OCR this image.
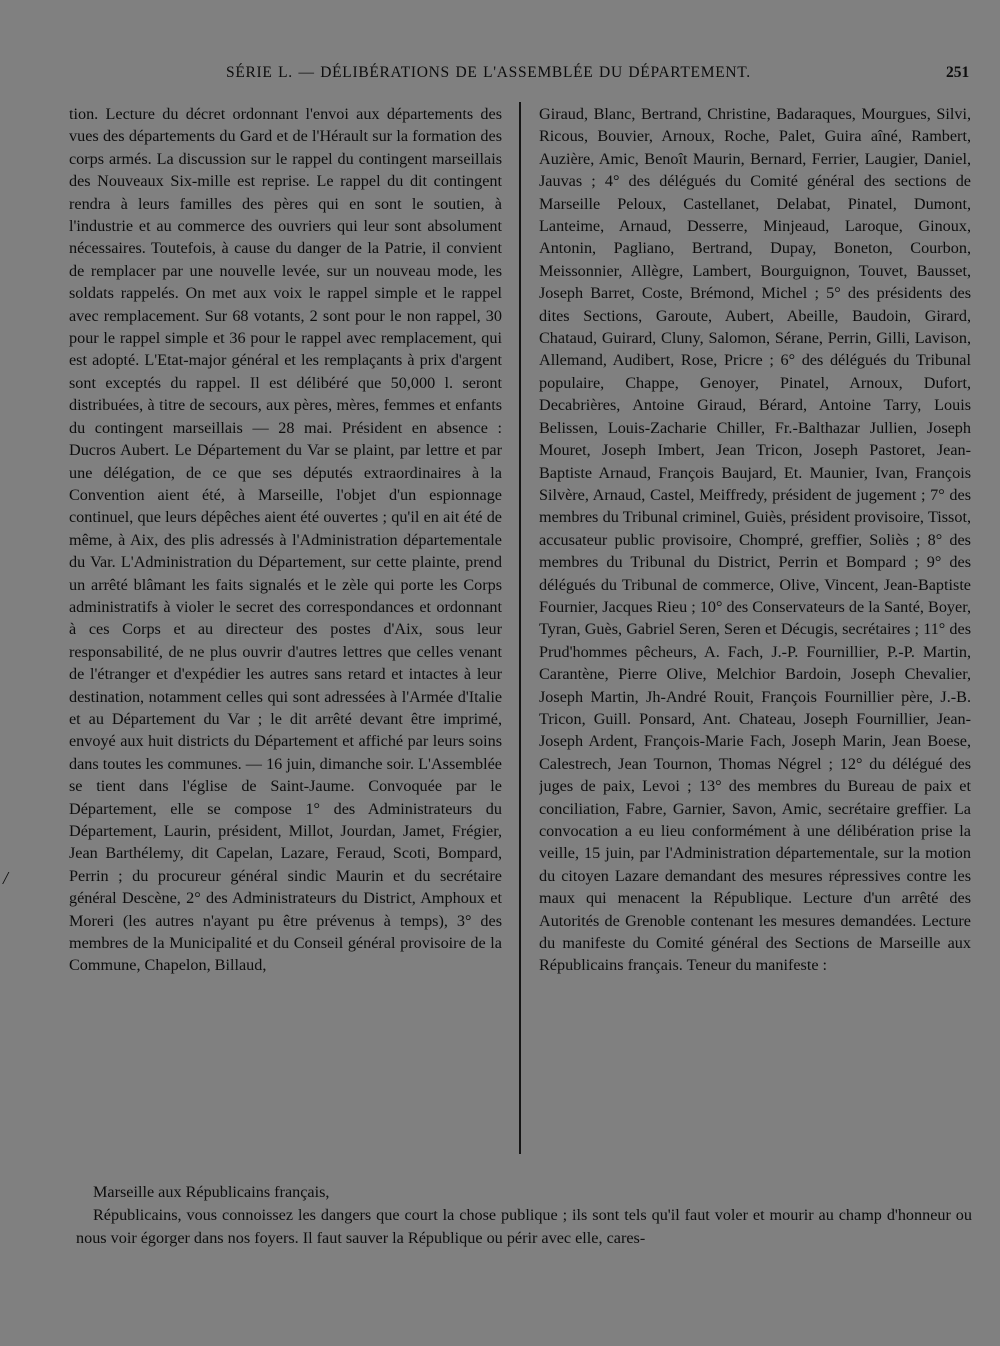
SÉRIE L. — DÉLIBÉRATIONS DE L'ASSEMBLÉE DU DÉPARTEMENT.	251
tion. Lecture du décret ordonnant l'envoi aux départements des vues des départements du Gard et de l'Hérault sur la formation des corps armés. La discussion sur le rappel du contingent marseillais des Nouveaux Six-mille est reprise. Le rappel du dit contingent rendra à leurs familles des pères qui en sont le soutien, à l'industrie et au commerce des ouvriers qui leur sont absolument nécessaires. Toutefois, à cause du danger de la Patrie, il convient de remplacer par une nouvelle levée, sur un nouveau mode, les soldats rappelés. On met aux voix le rappel simple et le rappel avec remplacement. Sur 68 votants, 2 sont pour le non rappel, 30 pour le rappel simple et 36 pour le rappel avec remplacement, qui est adopté. L'Etat-major général et les remplaçants à prix d'argent sont exceptés du rappel. Il est délibéré que 50,000 l. seront distribuées, à titre de secours, aux pères, mères, femmes et enfants du contingent marseillais — 28 mai. Président en absence : Ducros Aubert. Le Département du Var se plaint, par lettre et par une délégation, de ce que ses députés extraordinaires à la Convention aient été, à Marseille, l'objet d'un espionnage continuel, que leurs dépêches aient été ouvertes ; qu'il en ait été de même, à Aix, des plis adressés à l'Administration départementale du Var. L'Administration du Département, sur cette plainte, prend un arrêté blâmant les faits signalés et le zèle qui porte les Corps administratifs à violer le secret des correspondances et ordonnant à ces Corps et au directeur des postes d'Aix, sous leur responsabilité, de ne plus ouvrir d'autres lettres que celles venant de l'étranger et d'expédier les autres sans retard et intactes à leur destination, notamment celles qui sont adressées à l'Armée d'Italie et au Département du Var ; le dit arrêté devant être imprimé, envoyé aux huit districts du Département et affiché par leurs soins dans toutes les communes. — 16 juin, dimanche soir. L'Assemblée se tient dans l'église de Saint-Jaume. Convoquée par le Département, elle se compose 1° des Administrateurs du Département, Laurin, président, Millot, Jourdan, Jamet, Frégier, Jean Barthélemy, dit Capelan, Lazare, Feraud, Scoti, Bompard, Perrin ; du procureur général sindic Maurin et du secrétaire général Descène, 2° des Administrateurs du District, Amphoux et Moreri (les autres n'ayant pu être prévenus à temps), 3° des membres de la Municipalité et du Conseil général provisoire de la Commune, Chapelon, Billaud,
Giraud, Blanc, Bertrand, Christine, Badaraques, Mourgues, Silvi, Ricous, Bouvier, Arnoux, Roche, Palet, Guira aîné, Rambert, Auzière, Amic, Benoît Maurin, Bernard, Ferrier, Laugier, Daniel, Jauvas ; 4° des délégués du Comité général des sections de Marseille Peloux, Castellanet, Delabat, Pinatel, Dumont, Lanteime, Arnaud, Desserre, Minjeaud, Laroque, Ginoux, Antonin, Pagliano, Bertrand, Dupay, Boneton, Courbon, Meissonnier, Allègre, Lambert, Bourguignon, Touvet, Bausset, Joseph Barret, Coste, Brémond, Michel ; 5° des présidents des dites Sections, Garoute, Aubert, Abeille, Baudoin, Girard, Chataud, Guirard, Cluny, Salomon, Sérane, Perrin, Gilli, Lavison, Allemand, Audibert, Rose, Pricre ; 6° des délégués du Tribunal populaire, Chappe, Genoyer, Pinatel, Arnoux, Dufort, Decabrières, Antoine Giraud, Bérard, Antoine Tarry, Louis Belissen, Louis-Zacharie Chiller, Fr.-Balthazar Jullien, Joseph Mouret, Joseph Imbert, Jean Tricon, Joseph Pastoret, Jean-Baptiste Arnaud, François Baujard, Et. Maunier, Ivan, François Silvère, Arnaud, Castel, Meiffredy, président de jugement ; 7° des membres du Tribunal criminel, Guiès, président provisoire, Tissot, accusateur public provisoire, Chompré, greffier, Soliès ; 8° des membres du Tribunal du District, Perrin et Bompard ; 9° des délégués du Tribunal de commerce, Olive, Vincent, Jean-Baptiste Fournier, Jacques Rieu ; 10° des Conservateurs de la Santé, Boyer, Tyran, Guès, Gabriel Seren, Seren et Décugis, secrétaires ; 11° des Prud'hommes pêcheurs, A. Fach, J.-P. Fournillier, P.-P. Martin, Carantène, Pierre Olive, Melchior Bardoin, Joseph Chevalier, Joseph Martin, Jh-André Rouit, François Fournillier père, J.-B. Tricon, Guill. Ponsard, Ant. Chateau, Joseph Fournillier, Jean-Joseph Ardent, François-Marie Fach, Joseph Marin, Jean Boese, Calestrech, Jean Tournon, Thomas Négrel ; 12° du délégué des juges de paix, Levoi ; 13° des membres du Bureau de paix et conciliation, Fabre, Garnier, Savon, Amic, secrétaire greffier. La convocation a eu lieu conformément à une délibération prise la veille, 15 juin, par l'Administration départementale, sur la motion du citoyen Lazare demandant des mesures répressives contre les maux qui menacent la République. Lecture d'un arrêté des Autorités de Grenoble contenant les mesures demandées. Lecture du manifeste du Comité général des Sections de Marseille aux Républicains français. Teneur du manifeste :
/

Marseille aux Républicains français,

Républicains, vous connoissez les dangers que court la chose publique ; ils sont tels qu'il faut voler et mourir au champ d'honneur ou nous voir égorger dans nos foyers. Il faut sauver la République ou périr avec elle, cares-
